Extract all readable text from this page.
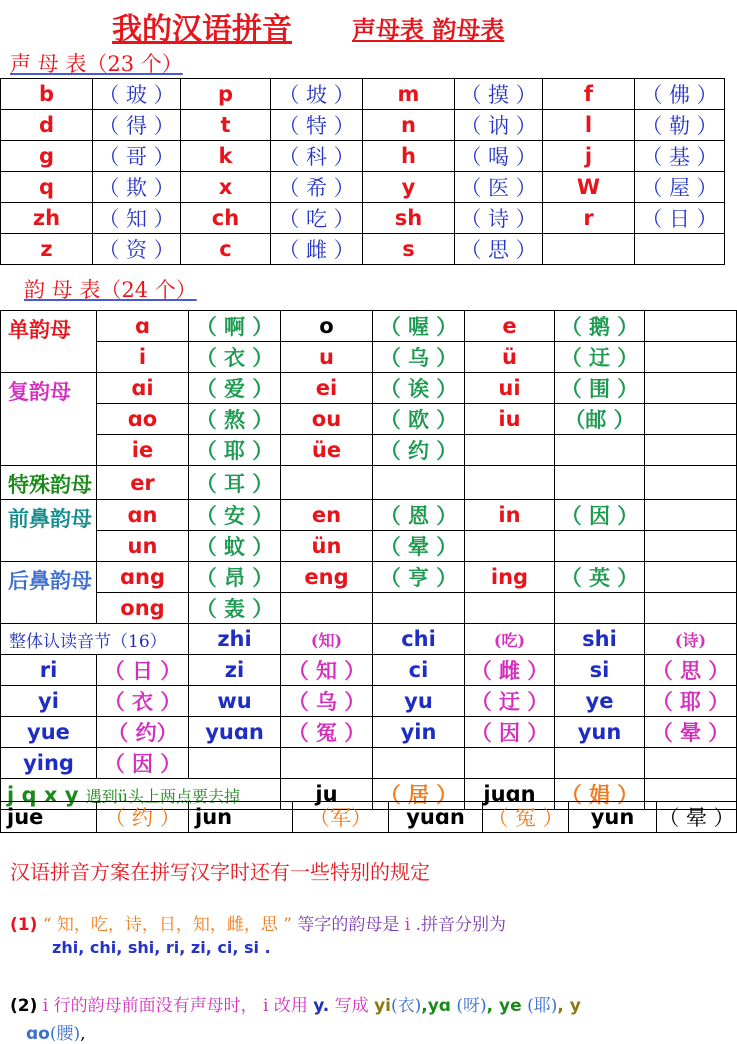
我的汉语拼音	声母表 韵母表
声 母 表（23 个）
b	（ 玻 ）	p	（ 坡 ）	m	（ 摸 ）	f	（ 佛 ）
d	（ 得 ）	t	（ 特 ）	n	（ 讷 ）	l	（ 勒 ）
g	（ 哥 ）	k	（ 科 ）	h	（ 喝 ）	j	（ 基 ）
q	（ 欺 ）	x	（ 希 ）	y	（ 医 ）	W	（ 屋 ）
zh	（ 知 ）	ch	（ 吃 ）	sh	（ 诗 ）	r	（ 日 ）
z	（ 资 ）	c	（ 雌 ）	s	（ 思 ）		
韵 母 表（24 个）
单韵母	ɑ	（ 啊 ）	o	（ 喔 ）	e	（ 鹅 ）	
	i	（ 衣 ）	u	（ 乌 ）	ü	（ 迂 ）	
复韵母	ɑi	（ 爱 ）	ei	（ 诶 ）	ui	（ 围 ）	
	ɑo	（ 熬 ）	ou	（ 欧 ）	iu	（邮 ）	
	ie	（ 耶 ）	üe	（ 约 ）			
特殊韵母	er	（ 耳 ）					
前鼻韵母	ɑn	（ 安 ）	en	（ 恩 ）	in	（ 因 ）	
	un	（ 蚊 ）	ün	（ 晕 ）			
后鼻韵母	ɑng	（ 昂 ）	eng	（ 亨 ）	ing	（ 英 ）	
	ong	（ 轰 ）					
整体认读音节（16）		zhi	(知)	chi	(吃)	shi	(诗)
ri	（ 日 ）	zi	（ 知 ）	ci	（ 雌 ）	si	（ 思 ）
yi	（ 衣 ）	wu	（ 乌 ）	yu	（ 迂 ）	ye	（ 耶 ）
yue	（ 约）	yuɑn	（ 冤 ）	yin	（ 因 ）	yun	（ 晕 ）
ying	（ 因 ）						
j q x y 遇到ü头上两点要去掉			ju	（ 居 ）	juɑn	（ 娟 ）	
jue	（ 约 ）	jun	（军）	yuɑn	（ 冤 ）	yun	（ 晕 ）
汉语拼音方案在拼写汉字时还有一些特别的规定
(1) “ 知，吃，诗，日，知，雌，思 ” 等字的韵母是 i .拼音分别为
zhi, chi, shi, ri, zi, ci, si .
(2) i 行的韵母前面没有声母时， i 改用 y. 写成 yi(衣),yɑ (呀), ye (耶), y
ɑo(腰),
